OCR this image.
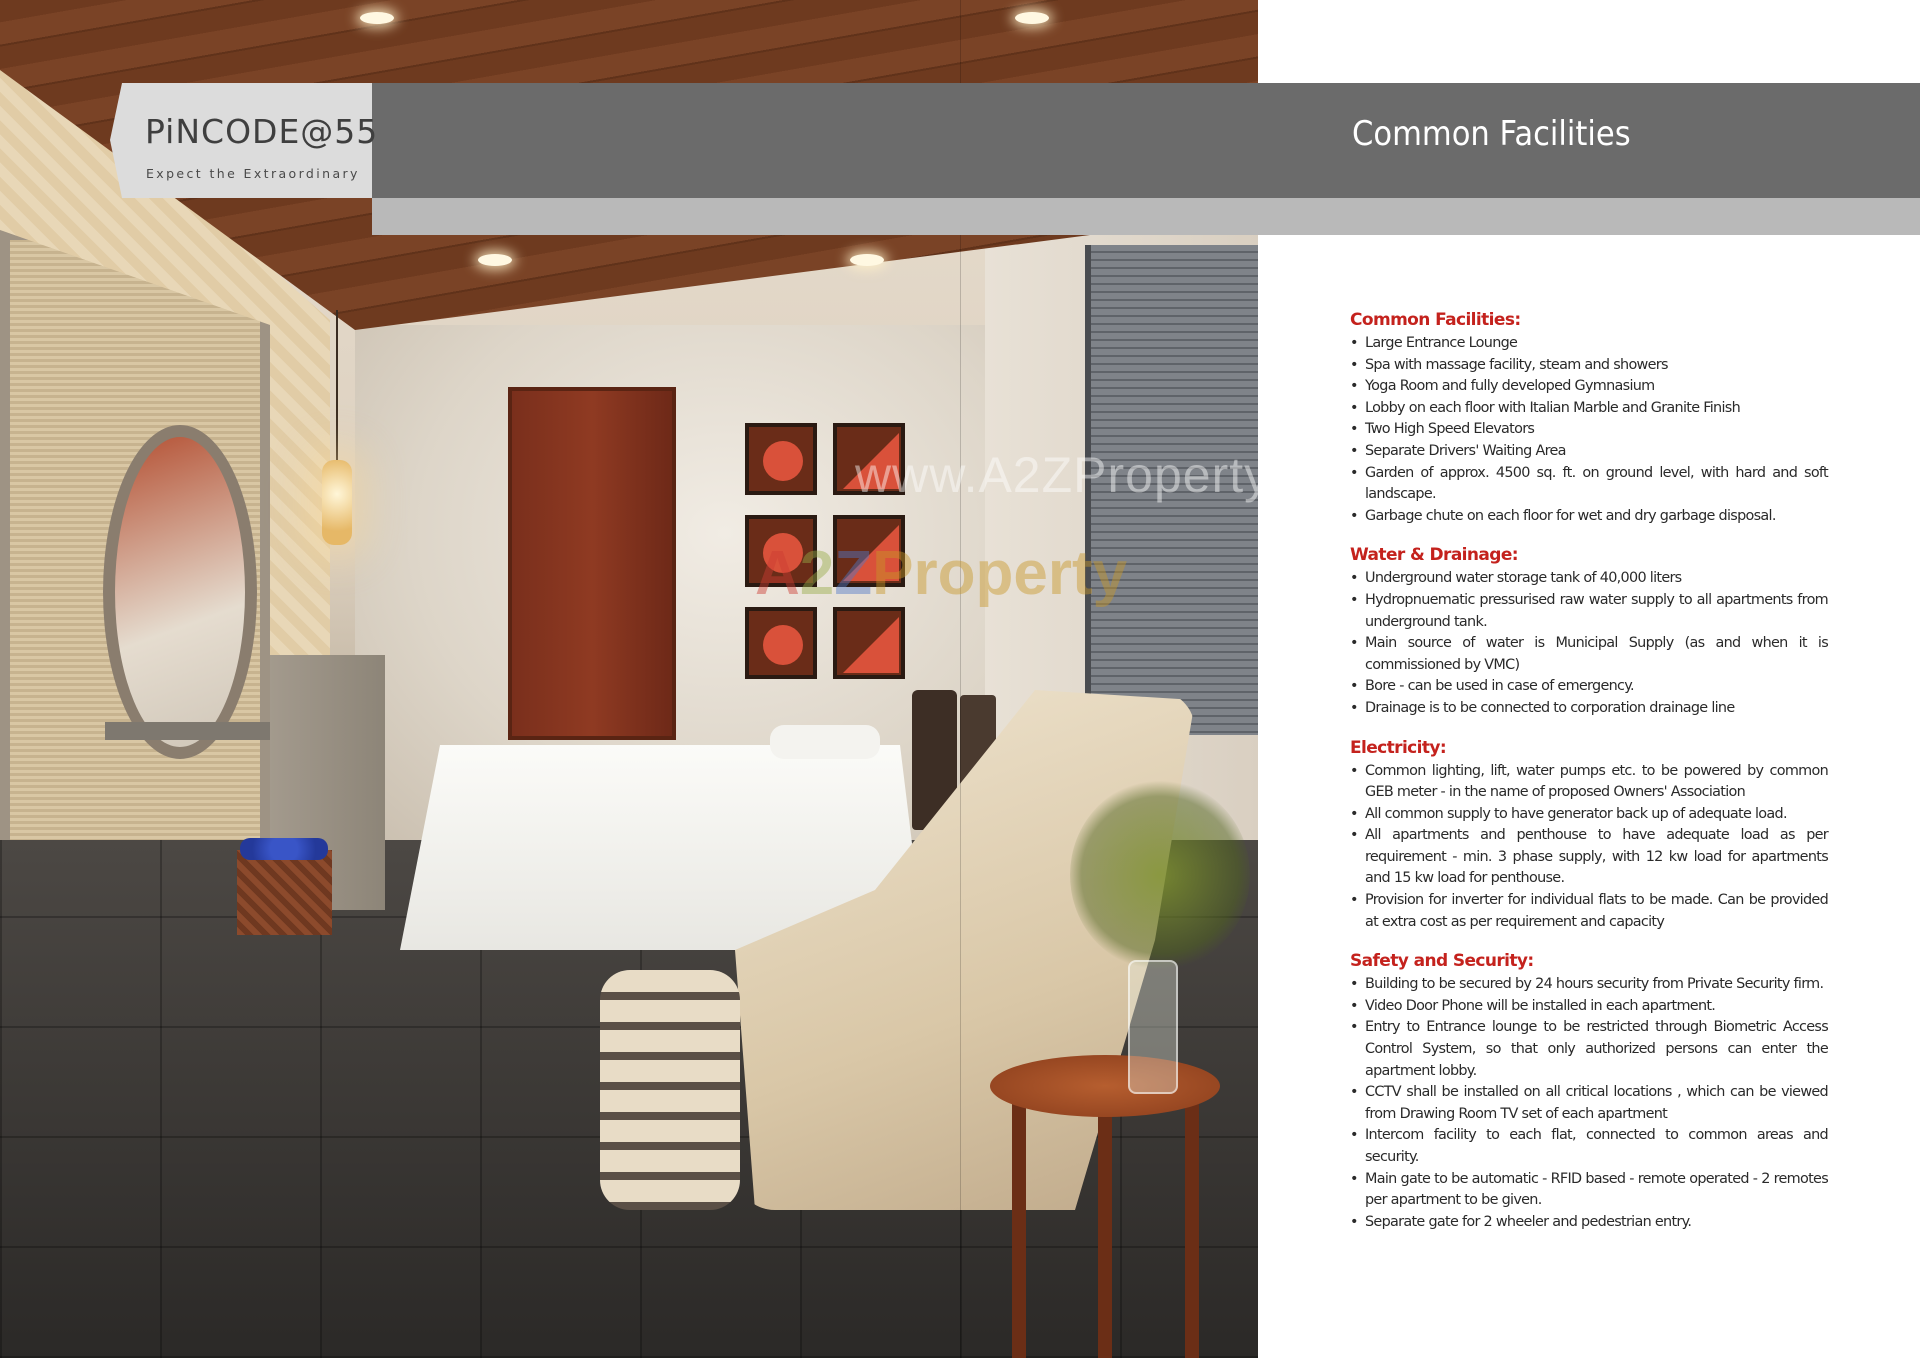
PiNCODE@55
Expect the Extraordinary
Common Facilities
www.A2ZProperty.in
A2ZProperty
Common Facilities:
• Large Entrance Lounge
• Spa with massage facility, steam and showers
• Yoga Room and fully developed Gymnasium
• Lobby on each floor with Italian Marble and Granite Finish
• Two High Speed Elevators
• Separate Drivers' Waiting Area
• Garden of approx. 4500 sq. ft. on ground level, with hard and soft landscape.
• Garbage chute on each floor for wet and dry garbage disposal.
Water & Drainage:
• Underground water storage tank of 40,000 liters
• Hydropnuematic pressurised raw water supply to all apartments from underground tank.
• Main source of water is Municipal Supply (as and when it is commissioned by VMC)
• Bore - can be used in case of emergency.
• Drainage is to be connected to corporation drainage line
Electricity:
• Common lighting, lift, water pumps etc. to be powered by common GEB meter - in the name of proposed Owners' Association
• All common supply to have generator back up of adequate load.
• All apartments and penthouse to have adequate load as per requirement - min. 3 phase supply, with 12 kw load for apartments and 15 kw load for penthouse.
• Provision for inverter for individual flats to be made. Can be provided at extra cost as per requirement and capacity
Safety and Security:
• Building to be secured by 24 hours security from Private Security firm.
• Video Door Phone will be installed in each apartment.
• Entry to Entrance lounge to be restricted through Biometric Access Control System, so that only authorized persons can enter the apartment lobby.
• CCTV shall be installed on all critical locations , which can be viewed from Drawing Room TV set of each apartment
• Intercom facility to each flat, connected to common areas and security.
• Main gate to be automatic - RFID based - remote operated - 2 remotes per apartment to be given.
• Separate gate for 2 wheeler and pedestrian entry.
